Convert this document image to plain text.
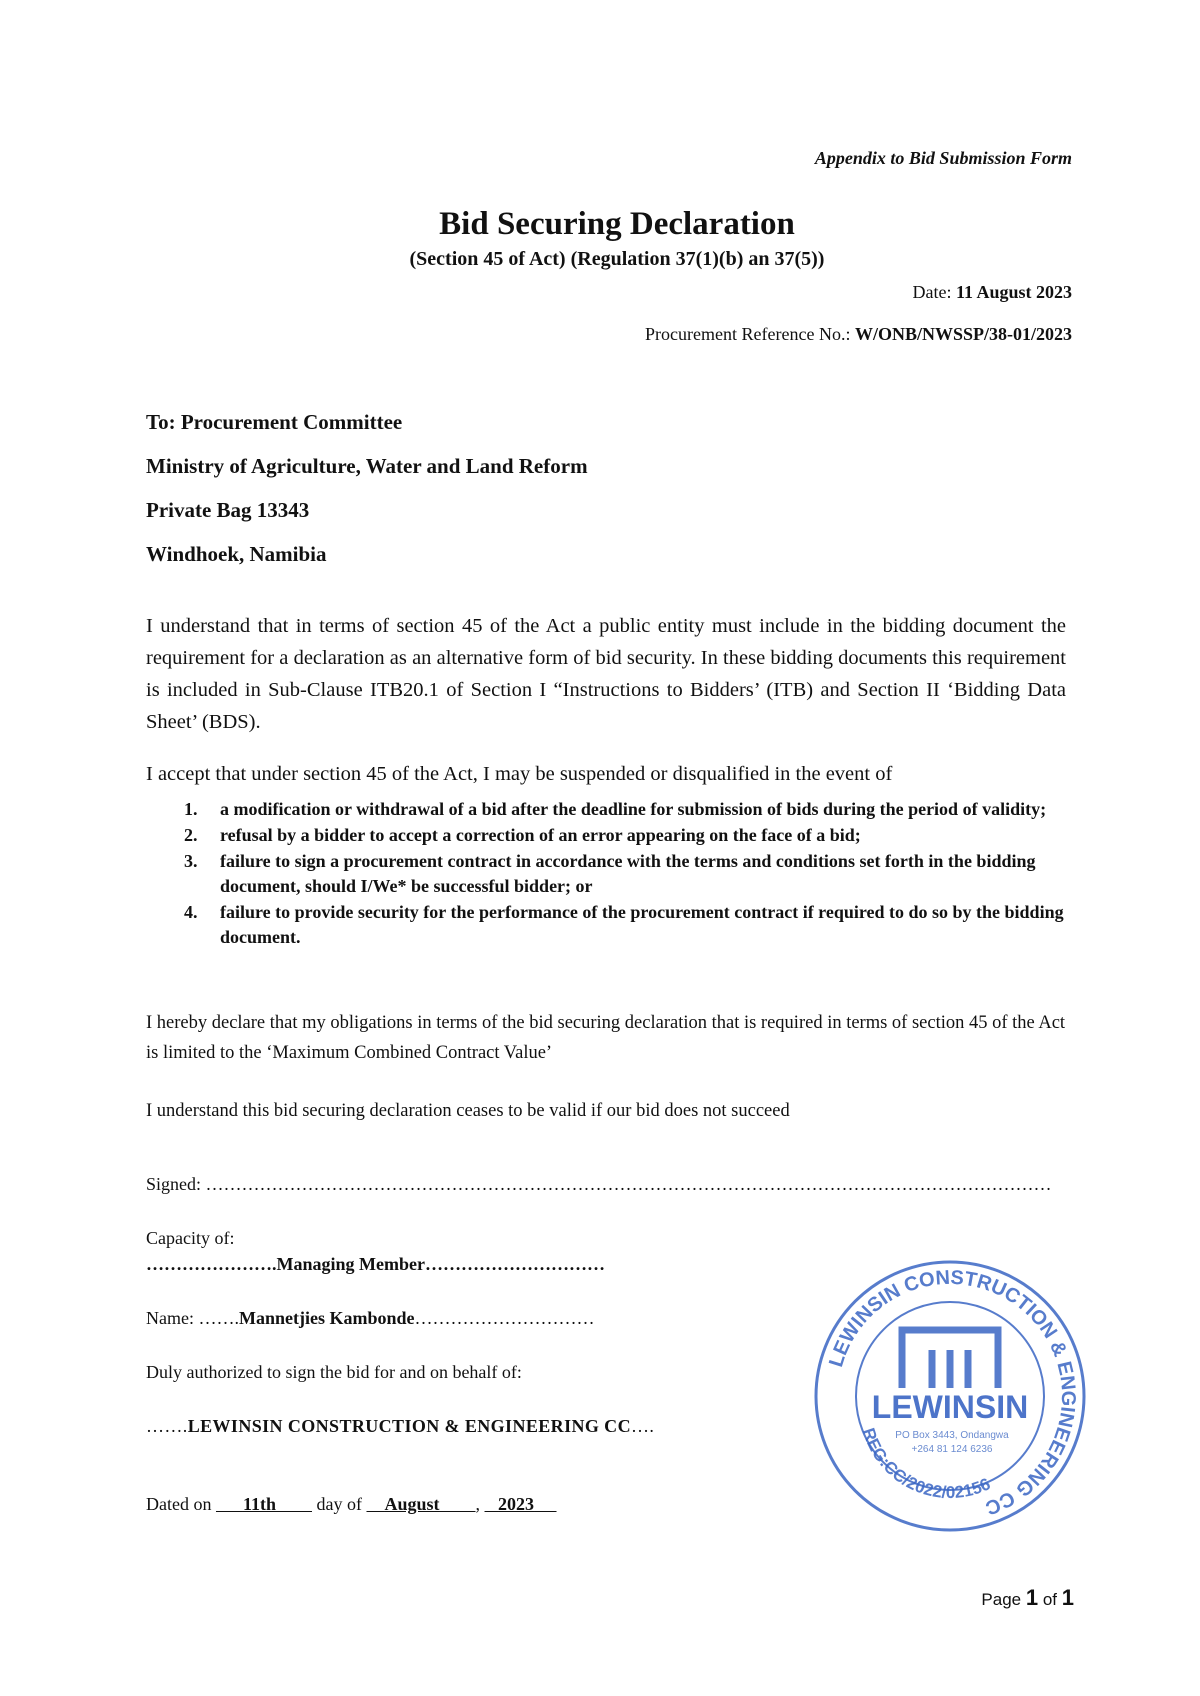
Appendix to Bid Submission Form
Bid Securing Declaration
(Section 45 of Act) (Regulation 37(1)(b) an 37(5))
Date: 11 August 2023
Procurement Reference No.: W/ONB/NWSSP/38-01/2023
To: Procurement Committee
Ministry of Agriculture, Water and Land Reform
Private Bag 13343
Windhoek, Namibia
I understand that in terms of section 45 of the Act a public entity must include in the bidding document the requirement for a declaration as an alternative form of bid security. In these bidding documents this requirement is included in Sub-Clause ITB20.1 of Section I “Instructions to Bidders’ (ITB) and Section II ‘Bidding Data Sheet’ (BDS).
I accept that under section 45 of the Act, I may be suspended or disqualified in the event of
1. a modification or withdrawal of a bid after the deadline for submission of bids during the period of validity;
2. refusal by a bidder to accept a correction of an error appearing on the face of a bid;
3. failure to sign a procurement contract in accordance with the terms and conditions set forth in the bidding document, should I/We* be successful bidder; or
4. failure to provide security for the performance of the procurement contract if required to do so by the bidding document.
I hereby declare that my obligations in terms of the bid securing declaration that is required in terms of section 45 of the Act is limited to the ‘Maximum Combined Contract Value’
I understand this bid securing declaration ceases to be valid if our bid does not succeed
Signed: ……………………………………………………………………………………………………………………………
Capacity of:
………………….Managing Member…………………………
Name: …….Mannetjies Kambonde…………………………
Duly authorized to sign the bid for and on behalf of:
…….LEWINSIN CONSTRUCTION & ENGINEERING CC….
Dated on 11th day of August , 2023
LEWINSIN CONSTRUCTION & ENGINEERING CC
LEWINSIN
PO Box 3443, Ondangwa
+264 81 124 6236
REG:CC/2022/02156
Page 1 of 1
